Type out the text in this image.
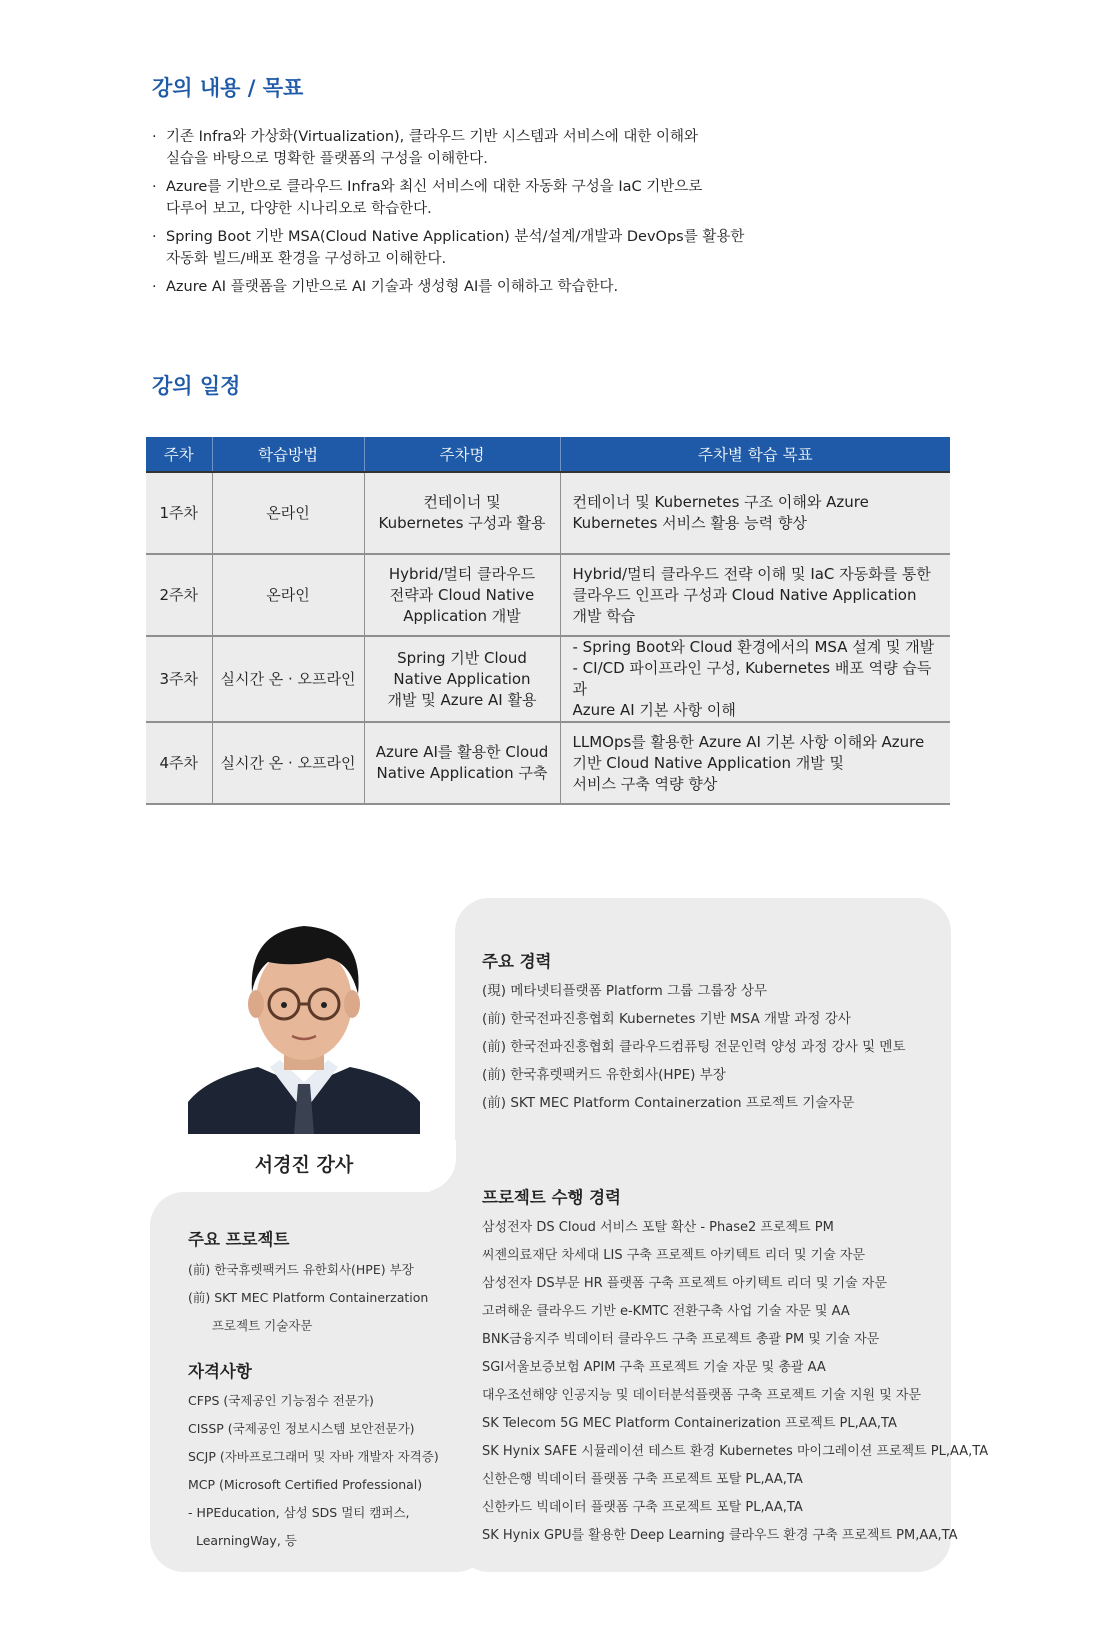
강의 내용 / 목표
· 기존 Infra와 가상화(Virtualization), 클라우드 기반 시스템과 서비스에 대한 이해와
실습을 바탕으로 명확한 플랫폼의 구성을 이해한다.
· Azure를 기반으로 클라우드 Infra와 최신 서비스에 대한 자동화 구성을 IaC 기반으로
다루어 보고, 다양한 시나리오로 학습한다.
· Spring Boot 기반 MSA(Cloud Native Application) 분석/설계/개발과 DevOps를 활용한
자동화 빌드/배포 환경을 구성하고 이해한다.
· Azure AI 플랫폼을 기반으로 AI 기술과 생성형 AI를 이해하고 학습한다.
강의 일정
주차	학습방법	주차명	주차별 학습 목표
1주차	온라인	컨테이너 및
Kubernetes 구성과 활용	컨테이너 및 Kubernetes 구조 이해와 Azure
Kubernetes 서비스 활용 능력 향상
2주차	온라인	Hybrid/멀티 클라우드
전략과 Cloud Native
Application 개발	Hybrid/멀티 클라우드 전략 이해 및 IaC 자동화를 통한
클라우드 인프라 구성과 Cloud Native Application
개발 학습
3주차	실시간 온 · 오프라인	Spring 기반 Cloud
Native Application
개발 및 Azure AI 활용	- Spring Boot와 Cloud 환경에서의 MSA 설계 및 개발
- CI/CD 파이프라인 구성, Kubernetes 배포 역량 습득과
Azure AI 기본 사항 이해
4주차	실시간 온 · 오프라인	Azure AI를 활용한 Cloud
Native Application 구축	LLMOps를 활용한 Azure AI 기본 사항 이해와 Azure
기반 Cloud Native Application 개발 및
서비스 구축 역량 향상
서경진 강사
주요 경력
(現) 메타넷티플랫폼 Platform 그룹 그룹장 상무
(前) 한국전파진흥협회 Kubernetes 기반 MSA 개발 과정 강사
(前) 한국전파진흥협회 클라우드컴퓨팅 전문인력 양성 과정 강사 및 멘토
(前) 한국휴렛팩커드 유한회사(HPE) 부장
(前) SKT MEC Platform Containerzation 프로젝트 기술자문
프로젝트 수행 경력
삼성전자 DS Cloud 서비스 포탈 확산 - Phase2 프로젝트 PM
씨젠의료재단 차세대 LIS 구축 프로젝트 아키텍트 리더 및 기술 자문
삼성전자 DS부문 HR 플랫폼 구축 프로젝트 아키텍트 리더 및 기술 자문
고려해운 클라우드 기반 e-KMTC 전환구축 사업 기술 자문 및 AA
BNK금융지주 빅데이터 클라우드 구축 프로젝트 총괄 PM 및 기술 자문
SGI서울보증보험 APIM 구축 프로젝트 기술 자문 및 총괄 AA
대우조선해양 인공지능 및 데이터분석플랫폼 구축 프로젝트 기술 지원 및 자문
SK Telecom 5G MEC Platform Containerization 프로젝트 PL,AA,TA
SK Hynix SAFE 시뮬레이션 테스트 환경 Kubernetes 마이그레이션 프로젝트 PL,AA,TA
신한은행 빅데이터 플랫폼 구축 프로젝트 포탈 PL,AA,TA
신한카드 빅데이터 플랫폼 구축 프로젝트 포탈 PL,AA,TA
SK Hynix GPU를 활용한 Deep Learning 클라우드 환경 구축 프로젝트 PM,AA,TA
주요 프로젝트
(前) 한국휴렛팩커드 유한회사(HPE) 부장
(前) SKT MEC Platform Containerzation
프로젝트 기술자문
자격사항
CFPS (국제공인 기능점수 전문가)
CISSP (국제공인 정보시스템 보안전문가)
SCJP (자바프로그래머 및 자바 개발자 자격증)
MCP (Microsoft Certified Professional)
- HPEducation, 삼성 SDS 멀티 캠퍼스,
LearningWay, 등
